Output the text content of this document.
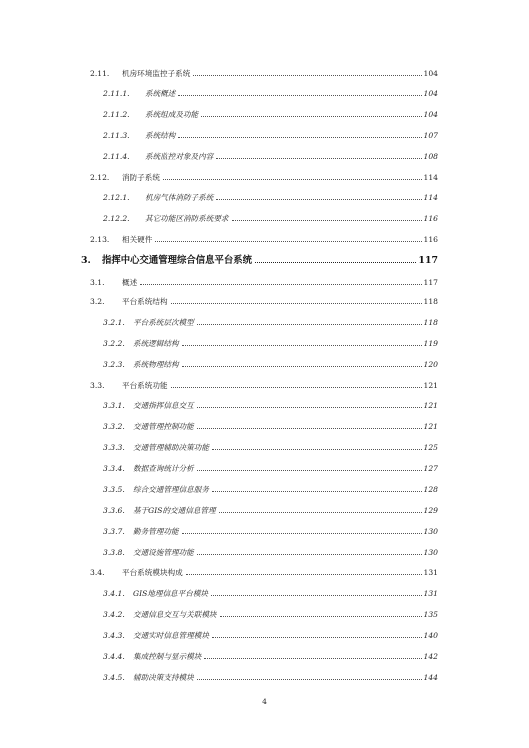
2.11.	机房环境监控子系统	104
2.11.1.	系统概述	104
2.11.2.	系统组成及功能	104
2.11.3.	系统结构	107
2.11.4.	系统监控对象及内容	108
2.12.	消防子系统	114
2.12.1.	机房气体消防子系统	114
2.12.2.	其它功能区消防系统要求	116
2.13.	相关硬件	116
3.	指挥中心交通管理综合信息平台系统	117
3.1.	概述	117
3.2.	平台系统结构	118
3.2.1.	平台系统层次模型	118
3.2.2.	系统逻辑结构	119
3.2.3.	系统物理结构	120
3.3.	平台系统功能	121
3.3.1.	交通指挥信息交互	121
3.3.2.	交通管理控制功能	121
3.3.3.	交通管理辅助决策功能	125
3.3.4.	数据查询统计分析	127
3.3.5.	综合交通管理信息服务	128
3.3.6.	基于GIS的交通信息管理	129
3.3.7.	勤务管理功能	130
3.3.8.	交通设施管理功能	130
3.4.	平台系统模块构成	131
3.4.1.	GIS地理信息平台模块	131
3.4.2.	交通信息交互与关联模块	135
3.4.3.	交通实时信息管理模块	140
3.4.4.	集成控制与显示模块	142
3.4.5.	辅助决策支持模块	144
4
